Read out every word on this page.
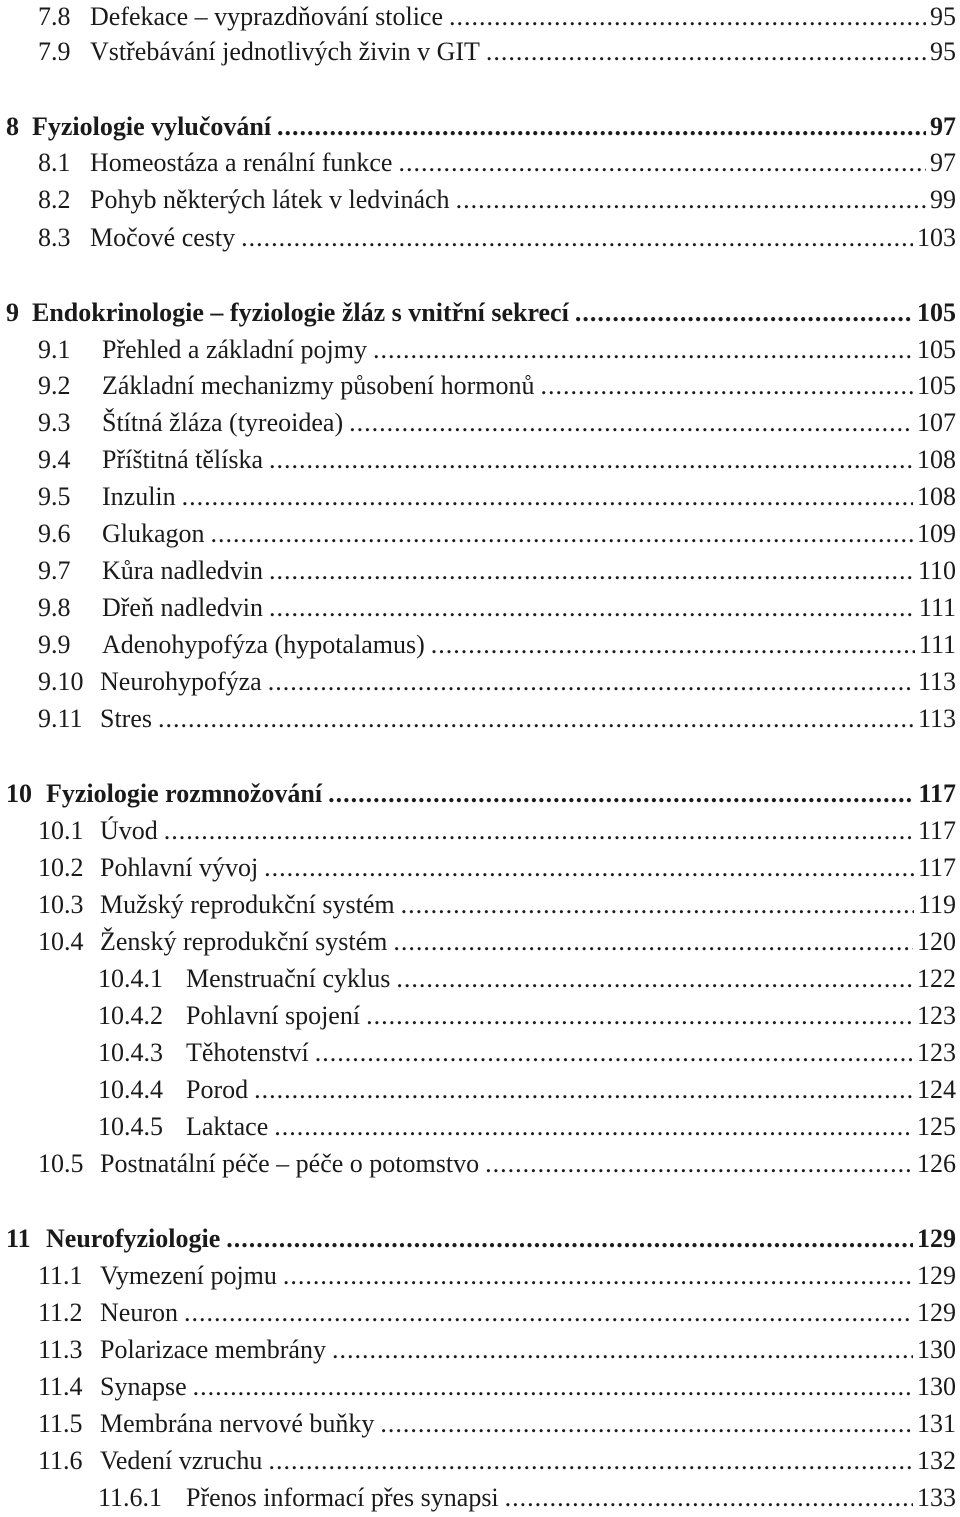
7.8 Defekace – vyprazdňování stolice .....	95
7.9 Vstřebávání jednotlivých živin v GIT .....	95
8 Fyziologie vylučování .....	97
8.1 Homeostáza a renální funkce .....	97
8.2 Pohyb některých látek v ledvinách .....	99
8.3 Močové cesty .....	103
9 Endokrinologie – fyziologie žláz s vnitřní sekrecí .....	105
9.1	Přehled a základní pojmy .....	105
9.2	Základní mechanizmy působení hormonů .....	105
9.3	Štítná žláza (tyreoidea) .....	107
9.4	Příštitná tělíska .....	108
9.5	Inzulin .....	108
9.6	Glukagon .....	109
9.7	Kůra nadledvin .....	110
9.8	Dřeň nadledvin .....	111
9.9	Adenohypofýza (hypotalamus) .....	111
9.10 Neurohypofýza .....	113
9.11 Stres .....	113
10 Fyziologie rozmnožování .....	117
10.1 Úvod .....	117
10.2 Pohlavní vývoj .....	117
10.3 Mužský reprodukční systém .....	119
10.4 Ženský reprodukční systém .....	120
10.4.1 Menstruační cyklus .....	122
10.4.2 Pohlavní spojení .....	123
10.4.3 Těhotenství .....	123
10.4.4 Porod .....	124
10.4.5 Laktace .....	125
10.5 Postnatální péče – péče o potomstvo .....	126
11 Neurofyziologie .....	129
11.1 Vymezení pojmu .....	129
11.2 Neuron .....	129
11.3 Polarizace membrány .....	130
11.4 Synapse .....	130
11.5 Membrána nervové buňky .....	131
11.6 Vedení vzruchu .....	132
11.6.1 Přenos informací přes synapsi .....	133
